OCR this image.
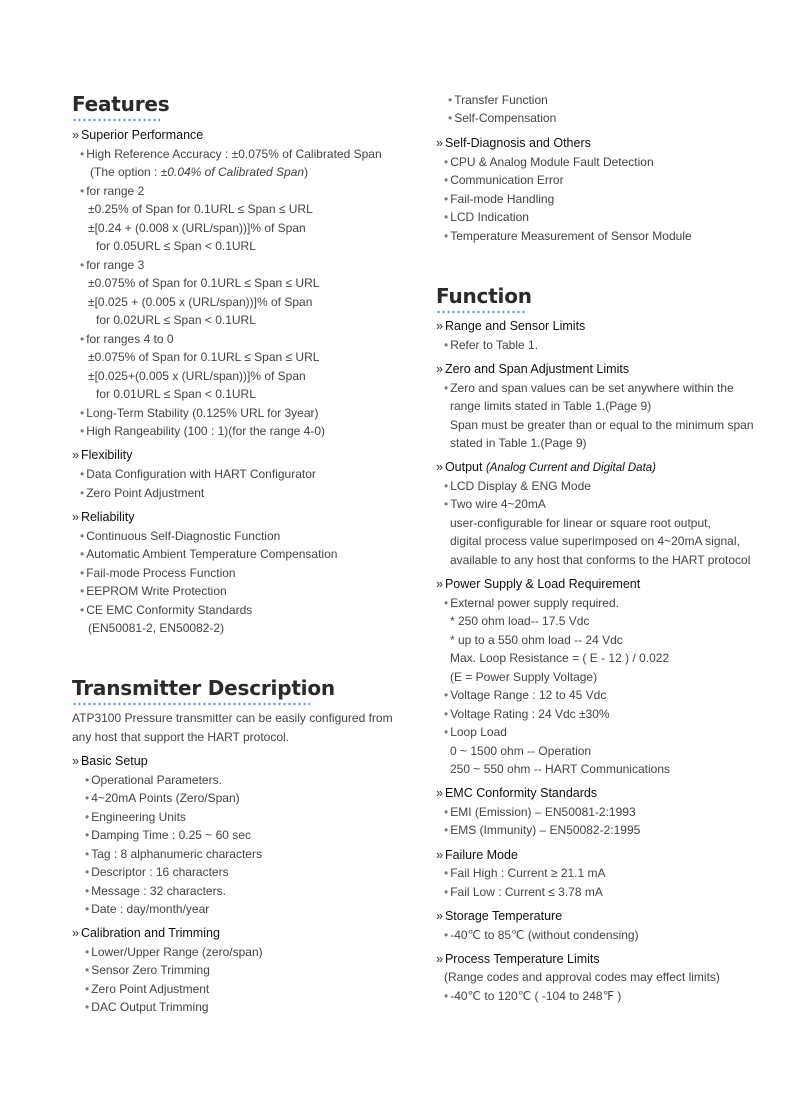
Features
» Superior Performance
• High Reference Accuracy : ±0.075% of Calibrated Span
(The option : ±0.04% of Calibrated Span)
• for range 2
±0.25% of Span for 0.1URL ≤ Span ≤ URL
±[0.24 + (0.008 x (URL/span))]% of Span
for 0.05URL ≤ Span < 0.1URL
• for range 3
±0.075% of Span for 0.1URL ≤ Span ≤ URL
±[0.025 + (0.005 x (URL/span))]% of Span
for 0.02URL ≤ Span < 0.1URL
• for ranges 4 to 0
±0.075% of Span for 0.1URL ≤ Span ≤ URL
±[0.025+(0.005 x (URL/span))]% of Span
for 0.01URL ≤ Span < 0.1URL
• Long-Term Stability (0.125% URL for 3year)
• High Rangeability (100 : 1)(for the range 4-0)
» Flexibility
• Data Configuration with HART Configurator
• Zero Point Adjustment
» Reliability
• Continuous Self-Diagnostic Function
• Automatic Ambient Temperature Compensation
• Fail-mode Process Function
• EEPROM Write Protection
• CE EMC Conformity Standards
(EN50081-2, EN50082-2)
Transmitter Description
ATP3100 Pressure transmitter can be easily configured from
any host that support the HART protocol.
» Basic Setup
• Operational Parameters.
• 4~20mA Points (Zero/Span)
• Engineering Units
• Damping Time : 0.25 ~ 60 sec
• Tag : 8 alphanumeric characters
• Descriptor : 16 characters
• Message : 32 characters.
• Date : day/month/year
» Calibration and Trimming
• Lower/Upper Range (zero/span)
• Sensor Zero Trimming
• Zero Point Adjustment
• DAC Output Trimming
• Transfer Function
• Self-Compensation
» Self-Diagnosis and Others
• CPU & Analog Module Fault Detection
• Communication Error
• Fail-mode Handling
• LCD Indication
• Temperature Measurement of Sensor Module
Function
» Range and Sensor Limits
• Refer to Table 1.
» Zero and Span Adjustment Limits
• Zero and span values can be set anywhere within the
range limits stated in Table 1.(Page 9)
Span must be greater than or equal to the minimum span
stated in Table 1.(Page 9)
» Output (Analog Current and Digital Data)
• LCD Display & ENG Mode
• Two wire 4~20mA
user-configurable for linear or square root output,
digital process value superimposed on 4~20mA signal,
available to any host that conforms to the HART protocol
» Power Supply & Load Requirement
• External power supply required.
* 250 ohm load-- 17.5 Vdc
* up to a 550 ohm load -- 24 Vdc
Max. Loop Resistance = ( E - 12 ) / 0.022
(E = Power Supply Voltage)
• Voltage Range : 12 to 45 Vdc
• Voltage Rating : 24 Vdc ±30%
• Loop Load
0 ~ 1500 ohm -- Operation
250 ~ 550 ohm -- HART Communications
» EMC Conformity Standards
• EMI (Emission) – EN50081-2:1993
• EMS (Immunity) – EN50082-2:1995
» Failure Mode
• Fail High : Current ≥ 21.1 mA
• Fail Low : Current ≤ 3.78 mA
» Storage Temperature
• -40℃ to 85℃ (without condensing)
» Process Temperature Limits
(Range codes and approval codes may effect limits)
• -40℃ to 120℃ ( -104 to 248℉ )
